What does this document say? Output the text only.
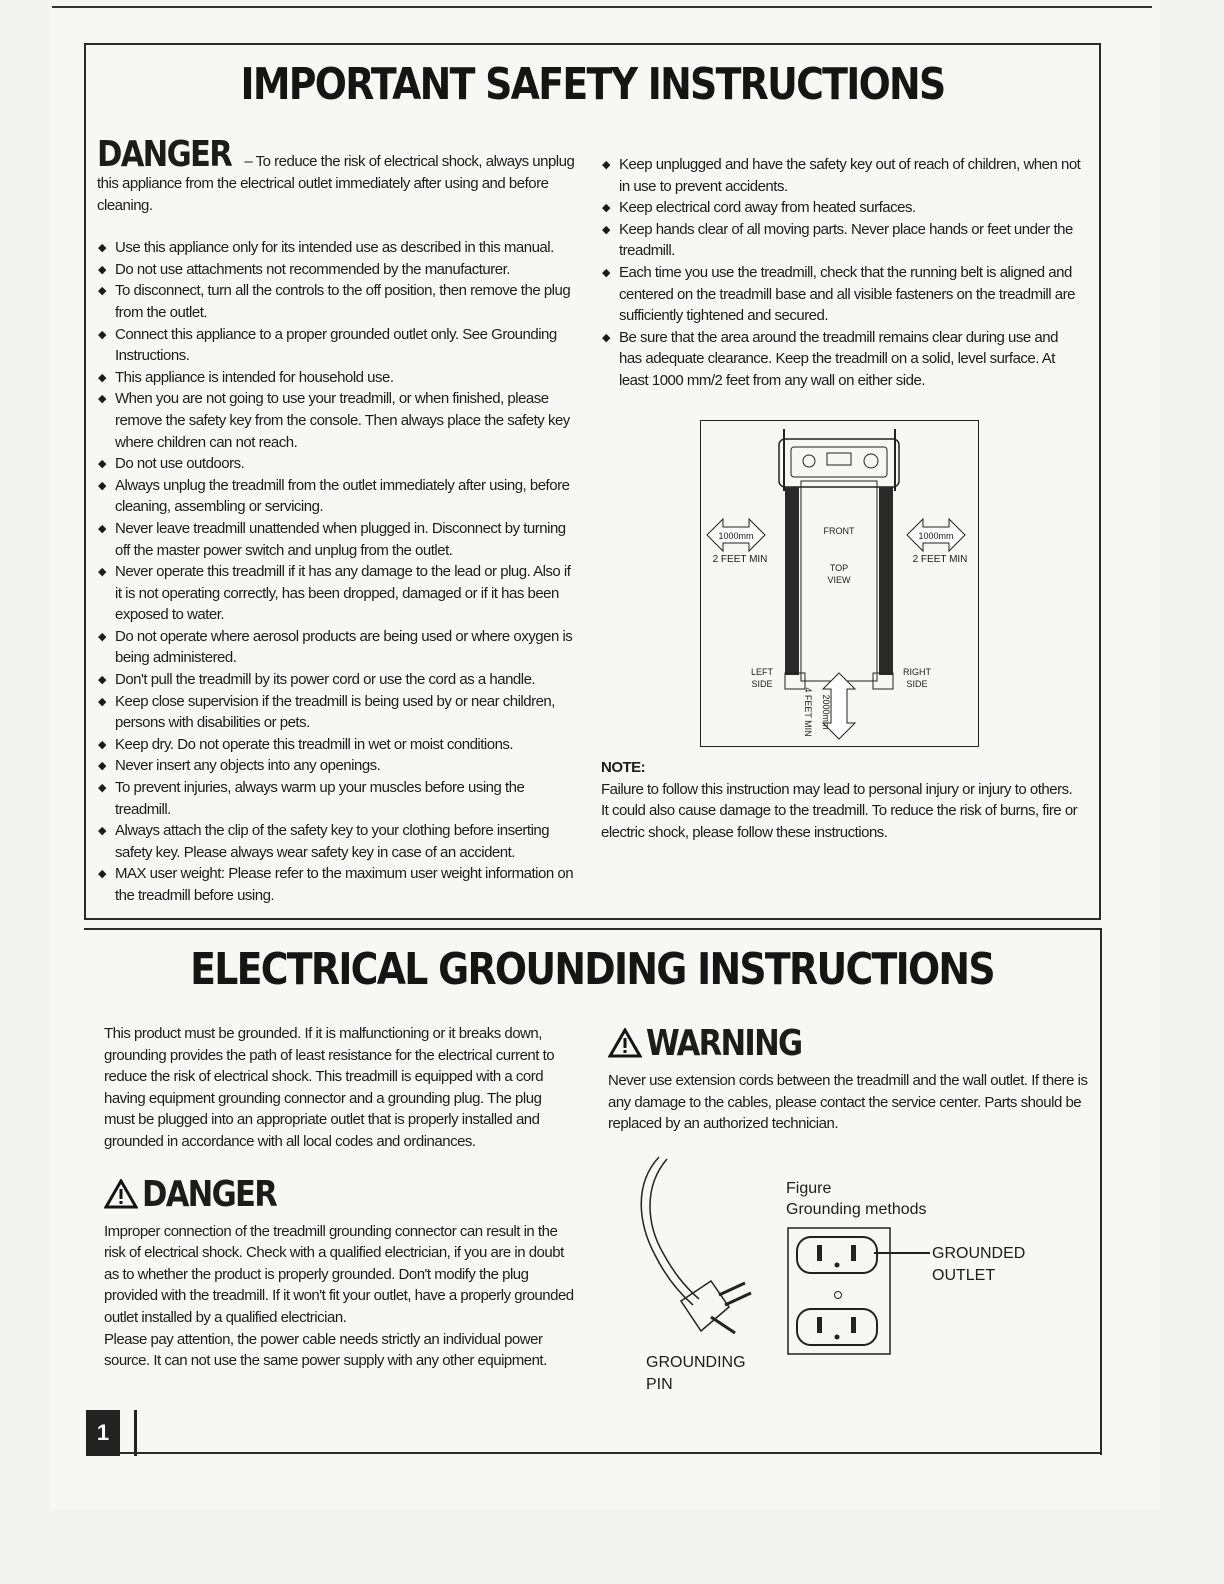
IMPORTANT SAFETY INSTRUCTIONS

DANGER – To reduce the risk of electrical shock, always unplug this appliance from the electrical outlet immediately after using and before cleaning.

◆ Use this appliance only for its intended use as described in this manual.
◆ Do not use attachments not recommended by the manufacturer.
◆ To disconnect, turn all the controls to the off position, then remove the plug from the outlet.
◆ Connect this appliance to a proper grounded outlet only. See Grounding Instructions.
◆ This appliance is intended for household use.
◆ When you are not going to use your treadmill, or when finished, please remove the safety key from the console. Then always place the safety key where children can not reach.
◆ Do not use outdoors.
◆ Always unplug the treadmill from the outlet immediately after using, before cleaning, assembling or servicing.
◆ Never leave treadmill unattended when plugged in. Disconnect by turning off the master power switch and unplug from the outlet.
◆ Never operate this treadmill if it has any damage to the lead or plug. Also if it is not operating correctly, has been dropped, damaged or if it has been exposed to water.
◆ Do not operate where aerosol products are being used or where oxygen is being administered.
◆ Don't pull the treadmill by its power cord or use the cord as a handle.
◆ Keep close supervision if the treadmill is being used by or near children, persons with disabilities or pets.
◆ Keep dry. Do not operate this treadmill in wet or moist conditions.
◆ Never insert any objects into any openings.
◆ To prevent injuries, always warm up your muscles before using the treadmill.
◆ Always attach the clip of the safety key to your clothing before inserting safety key. Please always wear safety key in case of an accident.
◆ MAX user weight: Please refer to the maximum user weight information on the treadmill before using.
◆ Keep unplugged and have the safety key out of reach of children, when not in use to prevent accidents.
◆ Keep electrical cord away from heated surfaces.
◆ Keep hands clear of all moving parts. Never place hands or feet under the treadmill.
◆ Each time you use the treadmill, check that the running belt is aligned and centered on the treadmill base and all visible fasteners on the treadmill are sufficiently tightened and secured.
◆ Be sure that the area around the treadmill remains clear during use and has adequate clearance. Keep the treadmill on a solid, level surface. At least 1000 mm/2 feet from any wall on either side.
1000mm	1000mm
2 FEET MIN	2 FEET MIN
FRONT
TOP VIEW
LEFT SIDE
RIGHT SIDE
2000mm
4 FEET MIN
NOTE:

Failure to follow this instruction may lead to personal injury or injury to others. It could also cause damage to the treadmill. To reduce the risk of burns, fire or electric shock, please follow these instructions.

ELECTRICAL GROUNDING INSTRUCTIONS

This product must be grounded. If it is malfunctioning or it breaks down, grounding provides the path of least resistance for the electrical current to reduce the risk of electrical shock. This treadmill is equipped with a cord having equipment grounding connector and a grounding plug. The plug must be plugged into an appropriate outlet that is properly installed and grounded in accordance with all local codes and ordinances.

DANGER

Improper connection of the treadmill grounding connector can result in the risk of electrical shock. Check with a qualified electrician, if you are in doubt as to whether the product is properly grounded. Don't modify the plug provided with the treadmill. If it won't fit your outlet, have a properly grounded outlet installed by a qualified electrician.

Please pay attention, the power cable needs strictly an individual power source. It can not use the same power supply with any other equipment.

WARNING

Never use extension cords between the treadmill and the wall outlet. If there is any damage to the cables, please contact the service center. Parts should be replaced by an authorized technician.

Figure
Grounding methods
GROUNDED OUTLET
GROUNDING PIN
1
